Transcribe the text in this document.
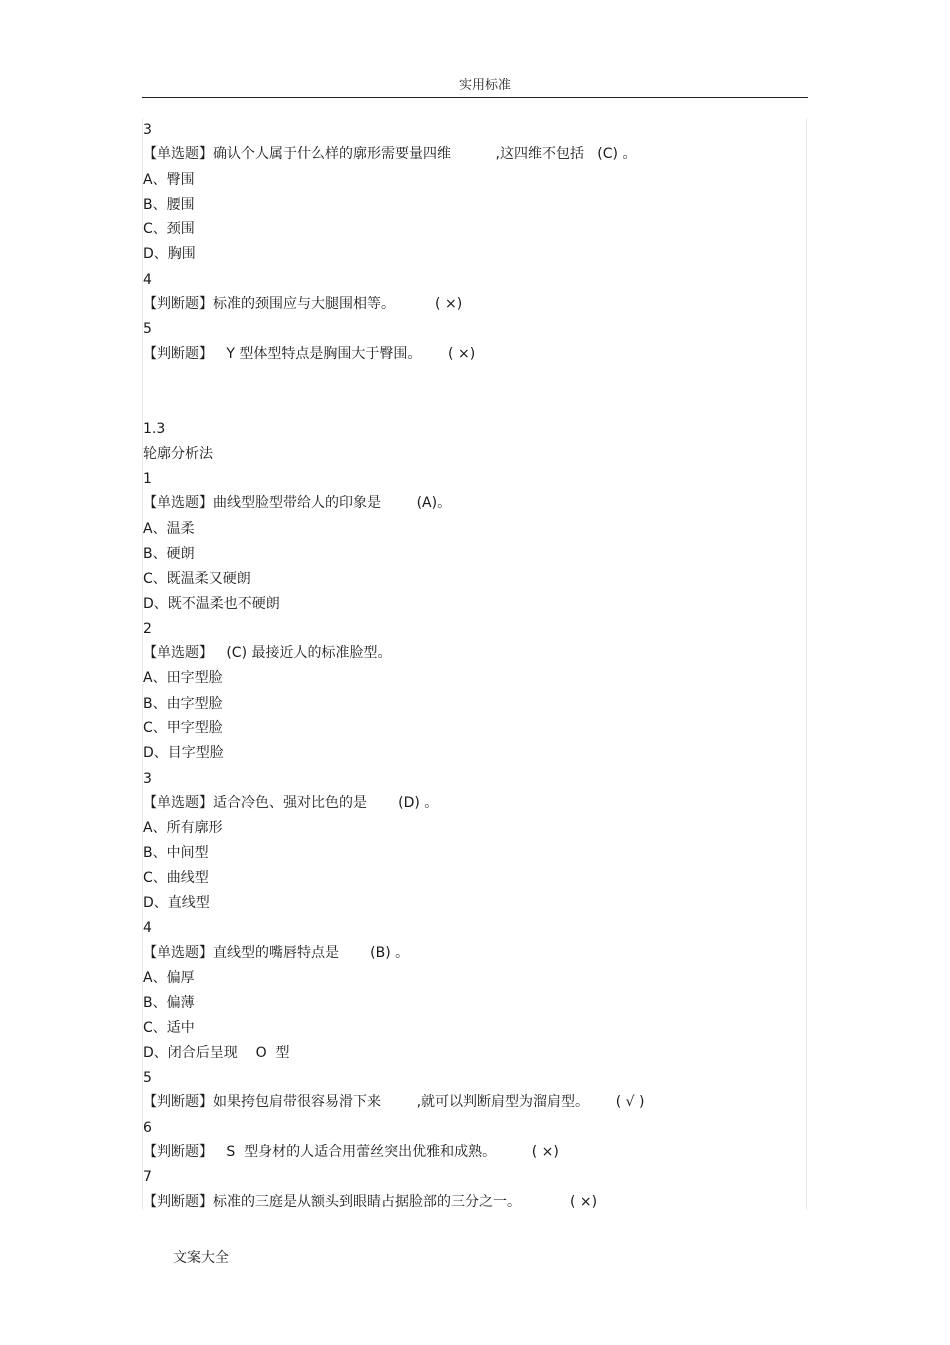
实用标准
3
【单选题】确认个人属于什么样的廓形需要量四维          ,这四维不包括   (C) 。
A、臀围
B、腰围
C、颈围
D、胸围
4
【判断题】标准的颈围应与大腿围相等。         ( ×)
5
【判断题】   Y 型体型特点是胸围大于臀围。      ( ×)
1.3
轮廓分析法
1
【单选题】曲线型脸型带给人的印象是        (A)。
A、温柔
B、硬朗
C、既温柔又硬朗
D、既不温柔也不硬朗
2
【单选题】   (C) 最接近人的标准脸型。
A、田字型脸
B、由字型脸
C、甲字型脸
D、目字型脸
3
【单选题】适合冷色、强对比色的是       (D) 。
A、所有廓形
B、中间型
C、曲线型
D、直线型
4
【单选题】直线型的嘴唇特点是       (B) 。
A、偏厚
B、偏薄
C、适中
D、闭合后呈现    O  型
5
【判断题】如果挎包肩带很容易滑下来        ,就可以判断肩型为溜肩型。      ( √ )
6
【判断题】   S  型身材的人适合用蕾丝突出优雅和成熟。        ( ×)
7
【判断题】标准的三庭是从额头到眼睛占据脸部的三分之一。           ( ×)
文案大全
